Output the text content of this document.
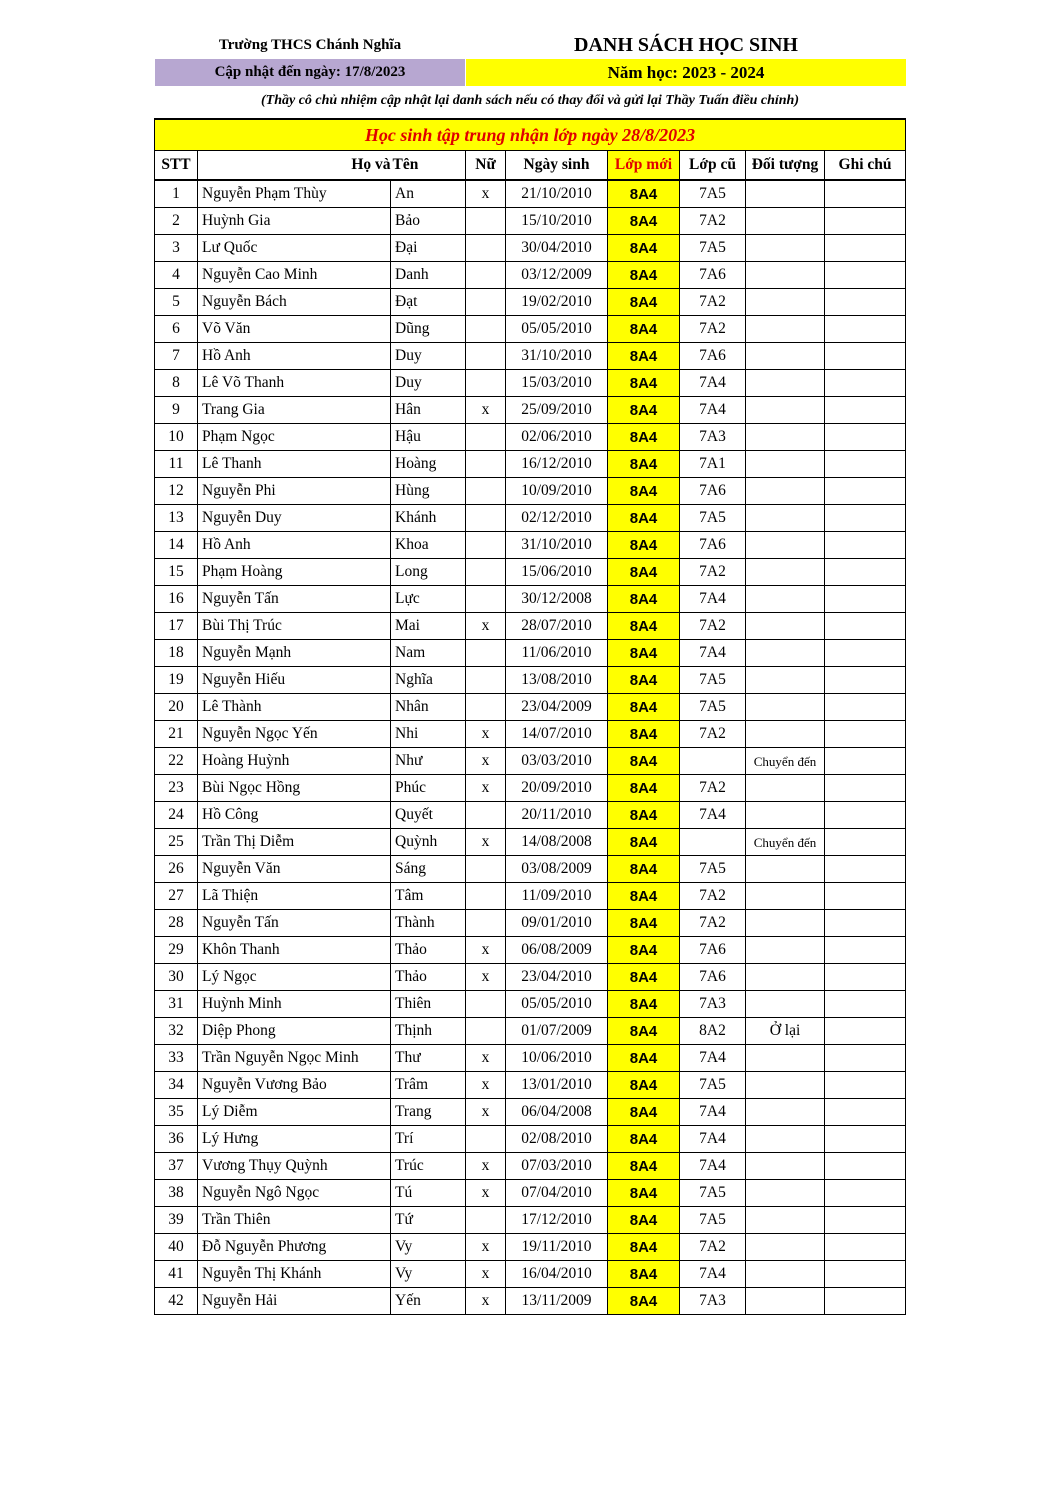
Trường THCS Chánh Nghĩa	DANH SÁCH HỌC SINH
Cập nhật đến ngày: 17/8/2023	Năm học: 2023 - 2024
(Thầy cô chủ nhiệm cập nhật lại danh sách nếu có thay đổi và gửi lại Thầy Tuấn điều chỉnh)
Học sinh tập trung nhận lớp ngày 28/8/2023								
STT	Họ và	Tên	Nữ	Ngày sinh	Lớp mới	Lớp cũ	Đối tượng	Ghi chú
1	Nguyễn Phạm Thùy	An	x	21/10/2010	8A4	7A5		
2	Huỳnh Gia	Bảo		15/10/2010	8A4	7A2		
3	Lư Quốc	Đại		30/04/2010	8A4	7A5		
4	Nguyễn Cao Minh	Danh		03/12/2009	8A4	7A6		
5	Nguyễn Bách	Đạt		19/02/2010	8A4	7A2		
6	Võ Văn	Dũng		05/05/2010	8A4	7A2		
7	Hồ Anh	Duy		31/10/2010	8A4	7A6		
8	Lê Võ Thanh	Duy		15/03/2010	8A4	7A4		
9	Trang Gia	Hân	x	25/09/2010	8A4	7A4		
10	Phạm Ngọc	Hậu		02/06/2010	8A4	7A3		
11	Lê Thanh	Hoàng		16/12/2010	8A4	7A1		
12	Nguyễn Phi	Hùng		10/09/2010	8A4	7A6		
13	Nguyễn Duy	Khánh		02/12/2010	8A4	7A5		
14	Hồ Anh	Khoa		31/10/2010	8A4	7A6		
15	Phạm Hoàng	Long		15/06/2010	8A4	7A2		
16	Nguyễn Tấn	Lực		30/12/2008	8A4	7A4		
17	Bùi Thị Trúc	Mai	x	28/07/2010	8A4	7A2		
18	Nguyễn Mạnh	Nam		11/06/2010	8A4	7A4		
19	Nguyễn Hiếu	Nghĩa		13/08/2010	8A4	7A5		
20	Lê Thành	Nhân		23/04/2009	8A4	7A5		
21	Nguyễn Ngọc Yến	Nhi	x	14/07/2010	8A4	7A2		
22	Hoàng Huỳnh	Như	x	03/03/2010	8A4		Chuyển đến	
23	Bùi Ngọc Hồng	Phúc	x	20/09/2010	8A4	7A2		
24	Hồ Công	Quyết		20/11/2010	8A4	7A4		
25	Trần Thị Diễm	Quỳnh	x	14/08/2008	8A4		Chuyển đến	
26	Nguyễn Văn	Sáng		03/08/2009	8A4	7A5		
27	Lã Thiện	Tâm		11/09/2010	8A4	7A2		
28	Nguyễn Tấn	Thành		09/01/2010	8A4	7A2		
29	Khôn Thanh	Thảo	x	06/08/2009	8A4	7A6		
30	Lý Ngọc	Thảo	x	23/04/2010	8A4	7A6		
31	Huỳnh Minh	Thiên		05/05/2010	8A4	7A3		
32	Diệp Phong	Thịnh		01/07/2009	8A4	8A2	Ở lại	
33	Trần Nguyễn Ngọc Minh	Thư	x	10/06/2010	8A4	7A4		
34	Nguyễn Vương Bảo	Trâm	x	13/01/2010	8A4	7A5		
35	Lý Diễm	Trang	x	06/04/2008	8A4	7A4		
36	Lý Hưng	Trí		02/08/2010	8A4	7A4		
37	Vương Thụy Quỳnh	Trúc	x	07/03/2010	8A4	7A4		
38	Nguyễn Ngô Ngọc	Tú	x	07/04/2010	8A4	7A5		
39	Trần Thiên	Tứ		17/12/2010	8A4	7A5		
40	Đỗ Nguyễn Phương	Vy	x	19/11/2010	8A4	7A2		
41	Nguyễn Thị Khánh	Vy	x	16/04/2010	8A4	7A4		
42	Nguyễn Hải	Yến	x	13/11/2009	8A4	7A3		
